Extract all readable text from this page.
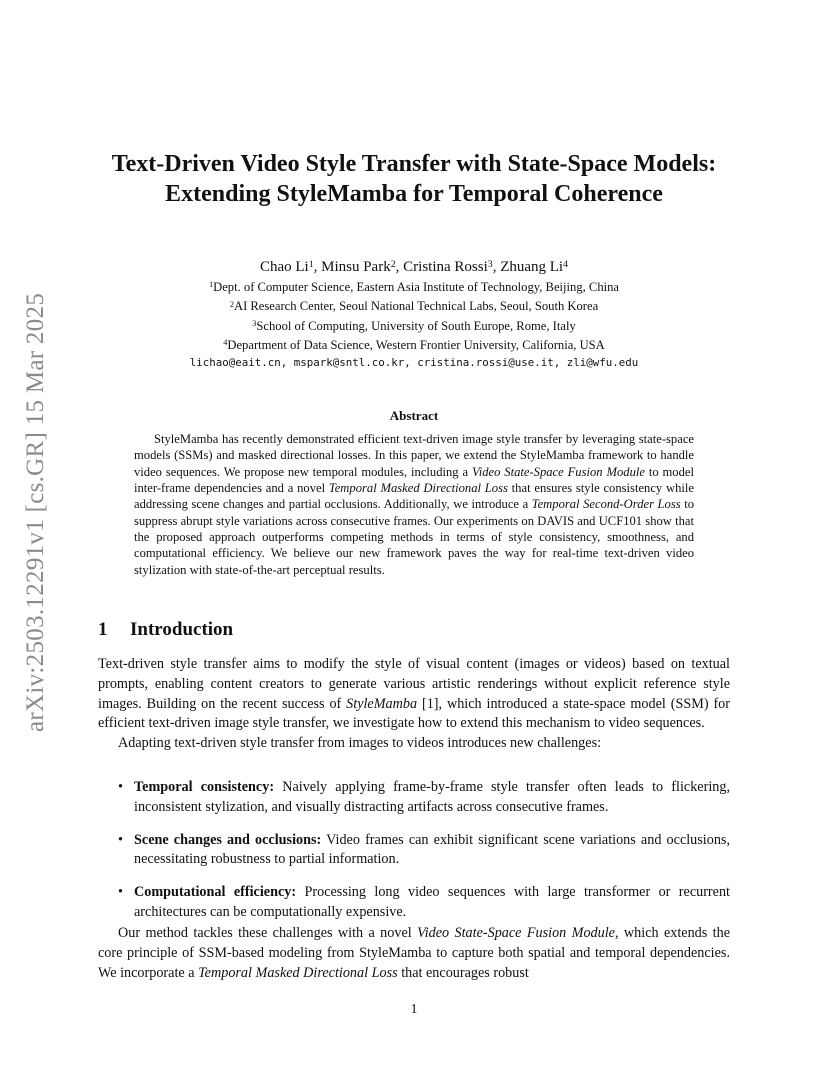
arXiv:2503.12291v1 [cs.GR] 15 Mar 2025
Text-Driven Video Style Transfer with State-Space Models: Extending StyleMamba for Temporal Coherence
Chao Li$^1$, Minsu Park$^2$, Cristina Rossi$^3$, Zhuang Li$^4$
$^1$Dept. of Computer Science, Eastern Asia Institute of Technology, Beijing, China
$^2$AI Research Center, Seoul National Technical Labs, Seoul, South Korea
$^3$School of Computing, University of South Europe, Rome, Italy
$^4$Department of Data Science, Western Frontier University, California, USA
lichao@eait.cn, mspark@sntl.co.kr, cristina.rossi@use.it, zli@wfu.edu
Abstract
StyleMamba has recently demonstrated efficient text-driven image style transfer by leveraging state-space models (SSMs) and masked directional losses. In this paper, we extend the StyleMamba framework to handle video sequences. We propose new temporal modules, including a Video State-Space Fusion Module to model inter-frame dependencies and a novel Temporal Masked Directional Loss that ensures style consistency while addressing scene changes and partial occlusions. Additionally, we introduce a Temporal Second-Order Loss to suppress abrupt style variations across consecutive frames. Our experiments on DAVIS and UCF101 show that the proposed approach outperforms competing methods in terms of style consistency, smoothness, and computational efficiency. We believe our new framework paves the way for real-time text-driven video stylization with state-of-the-art perceptual results.
1 Introduction
Text-driven style transfer aims to modify the style of visual content (images or videos) based on textual prompts, enabling content creators to generate various artistic renderings without explicit reference style images. Building on the recent success of StyleMamba [1], which introduced a state-space model (SSM) for efficient text-driven image style transfer, we investigate how to extend this mechanism to video sequences.
Adapting text-driven style transfer from images to videos introduces new challenges:
• Temporal consistency: Naively applying frame-by-frame style transfer often leads to flickering, inconsistent stylization, and visually distracting artifacts across consecutive frames.
• Scene changes and occlusions: Video frames can exhibit significant scene variations and occlusions, necessitating robustness to partial information.
• Computational efficiency: Processing long video sequences with large transformer or recurrent architectures can be computationally expensive.
Our method tackles these challenges with a novel Video State-Space Fusion Module, which extends the core principle of SSM-based modeling from StyleMamba to capture both spatial and temporal dependencies. We incorporate a Temporal Masked Directional Loss that encourages robust
1
